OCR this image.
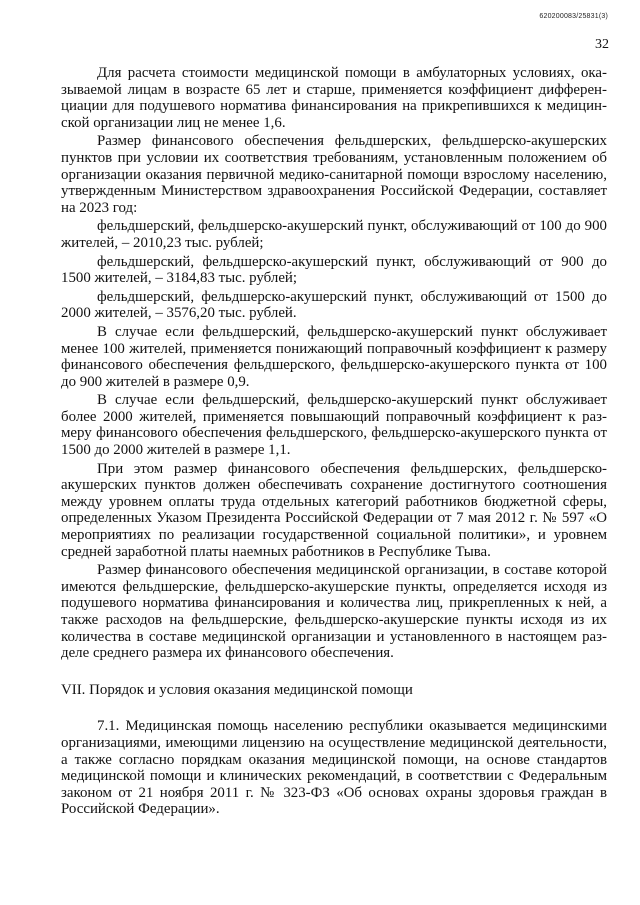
620200083/25831(3)
32

Для расчета стоимости медицинской помощи в амбулаторных условиях, оказываемой лицам в возрасте 65 лет и старше, применяется коэффициент дифференциации для подушевого норматива финансирования на прикрепившихся к медицинской организации лиц не менее 1,6.

Размер финансового обеспечения фельдшерских, фельдшерско-акушерских пунктов при условии их соответствия требованиям, установленным положением об организации оказания первичной медико-санитарной помощи взрослому населению, утвержденным Министерством здравоохранения Российской Федерации, составляет на 2023 год:

фельдшерский, фельдшерско-акушерский пункт, обслуживающий от 100 до 900 жителей, – 2010,23 тыс. рублей;

фельдшерский, фельдшерско-акушерский пункт, обслуживающий от 900 до 1500 жителей, – 3184,83 тыс. рублей;

фельдшерский, фельдшерско-акушерский пункт, обслуживающий от 1500 до 2000 жителей, – 3576,20 тыс. рублей.

В случае если фельдшерский, фельдшерско-акушерский пункт обслуживает менее 100 жителей, применяется понижающий поправочный коэффициент к размеру финансового обеспечения фельдшерского, фельдшерско-акушерского пункта от 100 до 900 жителей в размере 0,9.

В случае если фельдшерский, фельдшерско-акушерский пункт обслуживает более 2000 жителей, применяется повышающий поправочный коэффициент к размеру финансового обеспечения фельдшерского, фельдшерско-акушерского пункта от 1500 до 2000 жителей в размере 1,1.

При этом размер финансового обеспечения фельдшерских, фельдшерско-акушерских пунктов должен обеспечивать сохранение достигнутого соотношения между уровнем оплаты труда отдельных категорий работников бюджетной сферы, определенных Указом Президента Российской Федерации от 7 мая 2012 г. № 597 «О мероприятиях по реализации государственной социальной политики», и уровнем средней заработной платы наемных работников в Республике Тыва.

Размер финансового обеспечения медицинской организации, в составе которой имеются фельдшерские, фельдшерско-акушерские пункты, определяется исходя из подушевого норматива финансирования и количества лиц, прикрепленных к ней, а также расходов на фельдшерские, фельдшерско-акушерские пункты исходя из их количества в составе медицинской организации и установленного в настоящем разделе среднего размера их финансового обеспечения.

VII. Порядок и условия оказания медицинской помощи

7.1. Медицинская помощь населению республики оказывается медицинскими организациями, имеющими лицензию на осуществление медицинской деятельности, а также согласно порядкам оказания медицинской помощи, на основе стандартов медицинской помощи и клинических рекомендаций, в соответствии с Федеральным законом от 21 ноября 2011 г. № 323-ФЗ «Об основах охраны здоровья граждан в Российской Федерации».
